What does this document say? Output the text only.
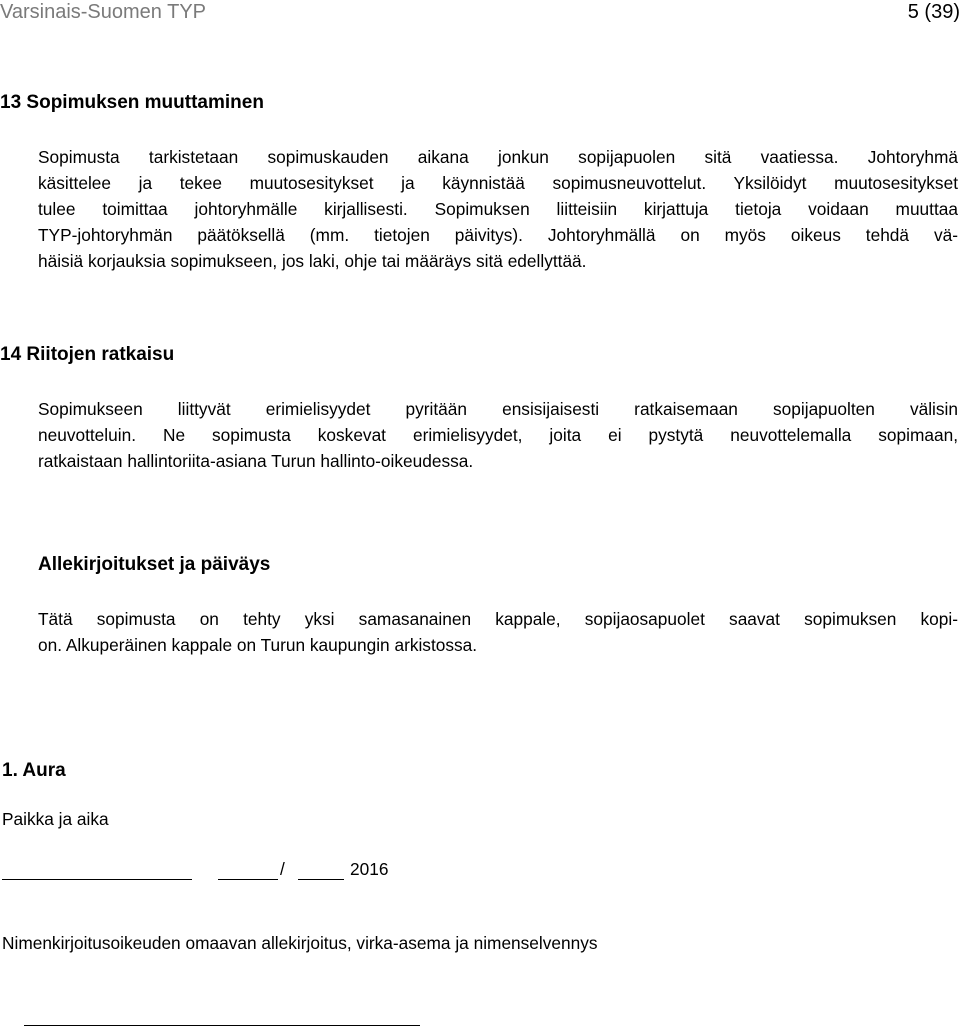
Varsinais-Suomen TYP	5 (39)
13 Sopimuksen muuttaminen
Sopimusta tarkistetaan sopimuskauden aikana jonkun sopijapuolen sitä vaatiessa. Johtoryhmä
käsittelee ja tekee muutosesitykset ja käynnistää sopimusneuvottelut. Yksilöidyt muutosesitykset
tulee toimittaa johtoryhmälle kirjallisesti. Sopimuksen liitteisiin kirjattuja tietoja voidaan muuttaa
TYP-johtoryhmän päätöksellä (mm. tietojen päivitys). Johtoryhmällä on myös oikeus tehdä vä-
häisiä korjauksia sopimukseen, jos laki, ohje tai määräys sitä edellyttää.
14 Riitojen ratkaisu
Sopimukseen liittyvät erimielisyydet pyritään ensisijaisesti ratkaisemaan sopijapuolten välisin
neuvotteluin. Ne sopimusta koskevat erimielisyydet, joita ei pystytä neuvottelemalla sopimaan,
ratkaistaan hallintoriita-asiana Turun hallinto-oikeudessa.
Allekirjoitukset ja päiväys
Tätä sopimusta on tehty yksi samasanainen kappale, sopijaosapuolet saavat sopimuksen kopi-
on. Alkuperäinen kappale on Turun kaupungin arkistossa.
1. Aura
Paikka ja aika
/	2016
Nimenkirjoitusoikeuden omaavan allekirjoitus, virka-asema ja nimenselvennys
